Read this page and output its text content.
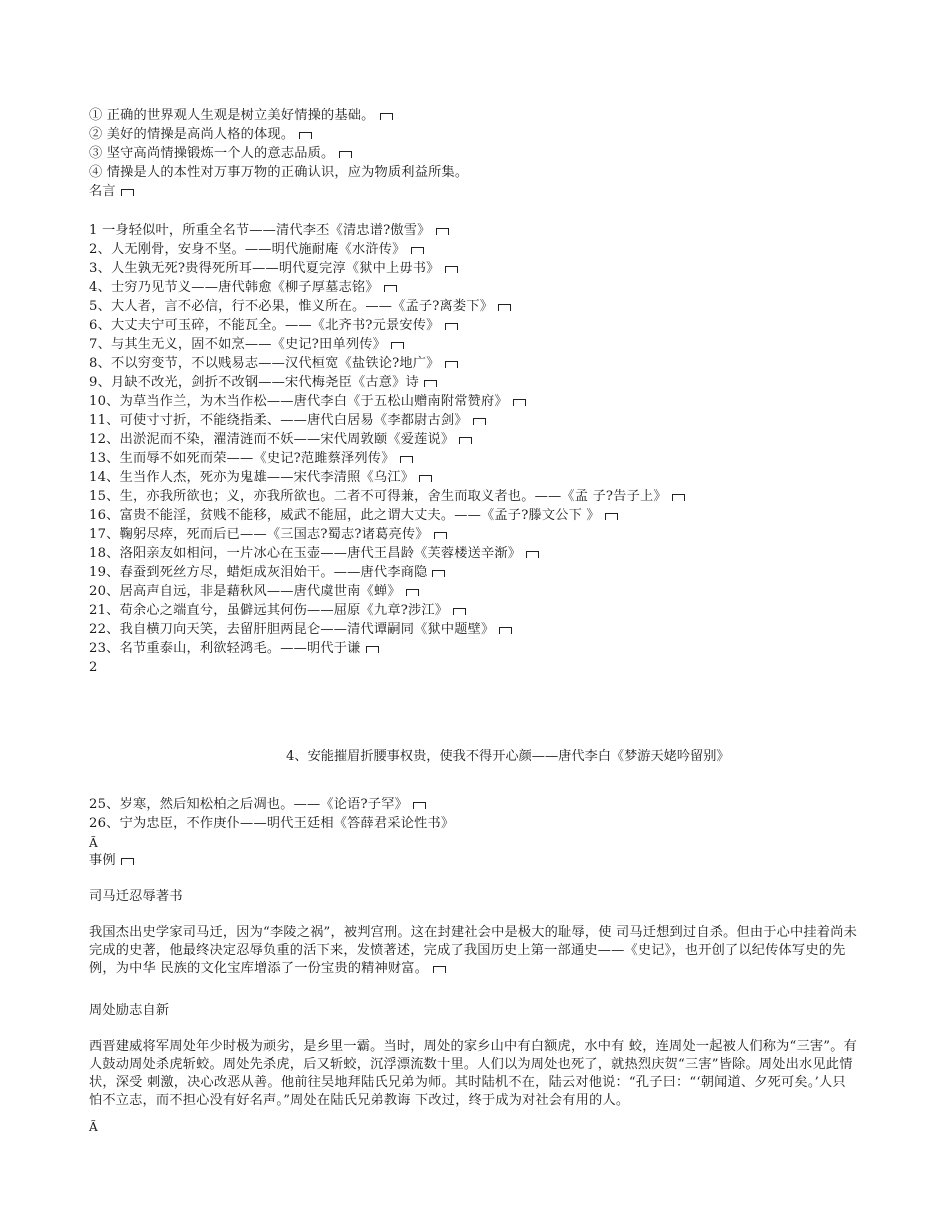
① 正确的世界观人生观是树立美好情操的基础。
② 美好的情操是高尚人格的体现。
③ 坚守高尚情操锻炼一个人的意志品质。
④ 情操是人的本性对万事万物的正确认识，应为物质利益所集。
名言
1 一身轻似叶，所重全名节——清代李丕《清忠谱?傲雪》
2、人无刚骨，安身不坚。——明代施耐庵《水浒传》
3、人生孰无死?贵得死所耳——明代夏完淳《狱中上毋书》
4、士穷乃见节义——唐代韩愈《柳子厚墓志铭》
5、大人者，言不必信，行不必果，惟义所在。——《孟子?离娄下》
6、大丈夫宁可玉碎，不能瓦全。——《北齐书?元景安传》
7、与其生无义，固不如烹——《史记?田单列传》
8、不以穷变节，不以贱易志——汉代桓宽《盐铁论?地广》
9、月缺不改光，剑折不改钢——宋代梅尧臣《古意》诗
10、为草当作兰，为木当作松——唐代李白《于五松山赠南附常赞府》
11、可使寸寸折，不能绕指柔、——唐代白居易《李都尉古剑》
12、出淤泥而不染，濯清涟而不妖——宋代周敦颐《爱莲说》
13、生而辱不如死而荣——《史记?范雎蔡泽列传》
14、生当作人杰，死亦为鬼雄——宋代李清照《乌江》
15、生，亦我所欲也；义，亦我所欲也。二者不可得兼，舍生而取义者也。——《孟 子?告子上》
16、富贵不能淫，贫贱不能移，威武不能屈，此之谓大丈夫。——《孟子?滕文公下 》
17、鞠躬尽瘁，死而后已——《三国志?蜀志?诸葛亮传》
18、洛阳亲友如相问，一片冰心在玉壶——唐代王昌龄《芙蓉楼送辛渐》
19、春蚕到死丝方尽，蜡炬成灰泪始干。——唐代李商隐
20、居高声自远，非是藉秋风——唐代虞世南《蝉》
21、苟余心之端直兮，虽僻远其何伤——屈原《九章?涉江》
22、我自横刀向天笑，去留肝胆两昆仑——清代谭嗣同《狱中题壁》
23、名节重泰山，利欲轻鸿毛。——明代于谦
2
4、安能摧眉折腰事权贵，使我不得开心颜——唐代李白《梦游天姥吟留别》
25、岁寒，然后知松柏之后凋也。——《论语?子罕》
26、宁为忠臣，不作庚仆——明代王廷相《答薛君采论性书》
Ã
事例
司马迁忍辱著书
我国杰出史学家司马迁，因为“李陵之祸”，被判宫刑。这在封建社会中是极大的耻辱，使 司马迁想到过自杀。但由于心中挂着尚未完成的史著，他最终决定忍辱负重的活下来，发愤著述，完成了我国历史上第一部通史——《史记》，也开创了以纪传体写史的先例，为中华 民族的文化宝库增添了一份宝贵的精神财富。
周处励志自新
西晋建威将军周处年少时极为顽劣，是乡里一霸。当时，周处的家乡山中有白额虎，水中有 蛟，连周处一起被人们称为“三害”。有人鼓动周处杀虎斩蛟。周处先杀虎，后又斩蛟，沉浮漂流数十里。人们以为周处也死了，就热烈庆贺“三害”皆除。周处出水见此情状，深受 刺激，决心改恶从善。他前往吴地拜陆氏兄弟为师。其时陆机不在，陆云对他说：“孔子曰：“‘朝闻道、夕死可矣。’人只怕不立志，而不担心没有好名声。”周处在陆氏兄弟教诲 下改过，终于成为对社会有用的人。
Ã
